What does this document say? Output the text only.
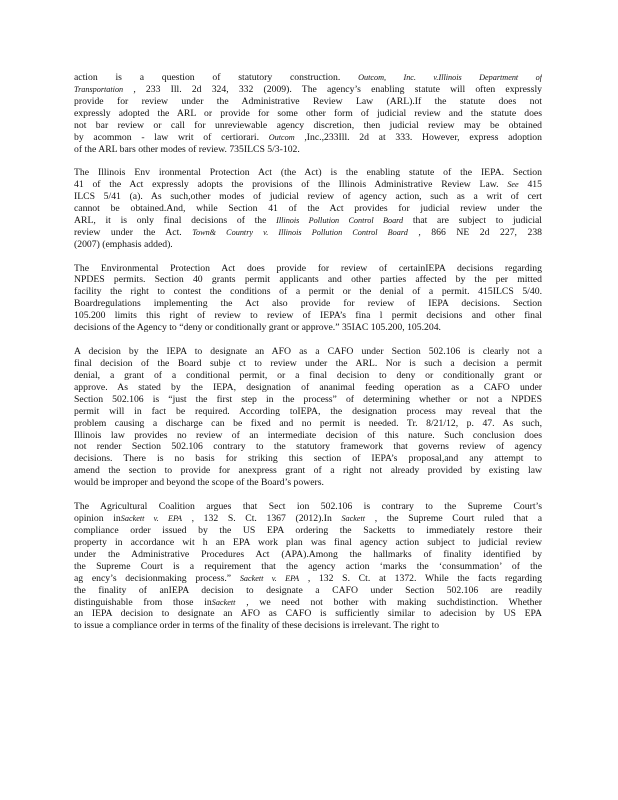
action is a question of statutory construction. Outcom, Inc. v.Illinois Department of
Transportation , 233 Ill. 2d 324, 332 (2009). The agency’s enabling statute will often expressly
provide for review under the Administrative Review Law (ARL).If the statute does not
expressly adopted the ARL or provide for some other form of judicial review and the statute does
not bar review or call for unreviewable agency discretion, then judicial review may be obtained
by acommon - law writ of certiorari. Outcom ,Inc.,233Ill. 2d at 333. However, express adoption
of the ARL bars other modes of review. 735ILCS 5/3-102.
The Illinois Env ironmental Protection Act (the Act) is the enabling statute of the IEPA. Section
41 of the Act expressly adopts the provisions of the Illinois Administrative Review Law. See 415
ILCS 5/41 (a). As such,other modes of judicial review of agency action, such as a writ of cert
cannot be obtained.And, while Section 41 of the Act provides for judicial review under the
ARL, it is only final decisions of the Illinois Pollution Control Board that are subject to judicial
review under the Act. Town& Country v. Illinois Pollution Control Board , 866 NE 2d 227, 238
(2007) (emphasis added).
The Environmental Protection Act does provide for review of certainIEPA decisions regarding
NPDES permits. Section 40 grants permit applicants and other parties affected by the per mitted
facility the right to contest the conditions of a permit or the denial of a permit. 415ILCS 5/40.
Boardregulations implementing the Act also provide for review of IEPA decisions. Section
105.200 limits this right of review to review of IEPA’s fina l permit decisions and other final
decisions of the Agency to “deny or conditionally grant or approve.” 35IAC 105.200, 105.204.
A decision by the IEPA to designate an AFO as a CAFO under Section 502.106 is clearly not a
final decision of the Board subje ct to review under the ARL. Nor is such a decision a permit
denial, a grant of a conditional permit, or a final decision to deny or conditionally grant or
approve. As stated by the IEPA, designation of ananimal feeding operation as a CAFO under
Section 502.106 is “just the first step in the process” of determining whether or not a NPDES
permit will in fact be required. According toIEPA, the designation process may reveal that the
problem causing a discharge can be fixed and no permit is needed. Tr. 8/21/12, p. 47. As such,
Illinois law provides no review of an intermediate decision of this nature. Such conclusion does
not render Section 502.106 contrary to the statutory framework that governs review of agency
decisions. There is no basis for striking this section of IEPA’s proposal,and any attempt to
amend the section to provide for anexpress grant of a right not already provided by existing law
would be improper and beyond the scope of the Board’s powers.
The Agricultural Coalition argues that Sect ion 502.106 is contrary to the Supreme Court’s
opinion inSackett v. EPA , 132 S. Ct. 1367 (2012).In Sackett , the Supreme Court ruled that a
compliance order issued by the US EPA ordering the Sacketts to immediately restore their
property in accordance wit h an EPA work plan was final agency action subject to judicial review
under the Administrative Procedures Act (APA).Among the hallmarks of finality identified by
the Supreme Court is a requirement that the agency action ‘marks the ‘consummation’ of the
ag ency’s decisionmaking process.” Sackett v. EPA , 132 S. Ct. at 1372. While the facts regarding
the finality of anIEPA decision to designate a CAFO under Section 502.106 are readily
distinguishable from those inSackett , we need not bother with making suchdistinction. Whether
an IEPA decision to designate an AFO as CAFO is sufficiently similar to adecision by US EPA
to issue a compliance order in terms of the finality of these decisions is irrelevant. The right to
